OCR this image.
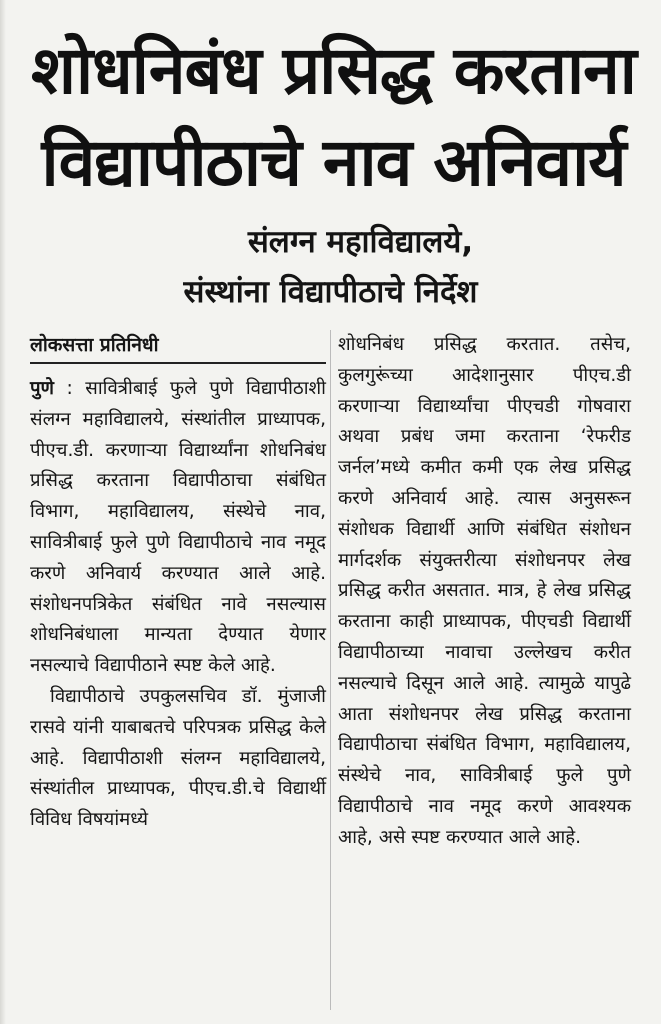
शोधनिबंध प्रसिद्ध करताना
विद्यापीठाचे नाव अनिवार्य
संलग्न महाविद्यालये,
संस्थांना विद्यापीठाचे निर्देश
लोकसत्ता प्रतिनिधी
पुणे : सावित्रीबाई फुले पुणे विद्यापीठाशी संलग्न महाविद्यालये, संस्थांतील प्राध्यापक, पीएच.डी. करणाऱ्या विद्यार्थ्यांना शोधनिबंध प्रसिद्ध करताना विद्यापीठाचा संबंधित विभाग, महाविद्यालय, संस्थेचे नाव, सावित्रीबाई फुले पुणे विद्यापीठाचे नाव नमूद करणे अनिवार्य करण्यात आले आहे. संशोधनपत्रिकेत संबंधित नावे नसल्यास शोधनिबंधाला मान्यता देण्यात येणार नसल्याचे विद्यापीठाने स्पष्ट केले आहे.
विद्यापीठाचे उपकुलसचिव डॉ. मुंजाजी रासवे यांनी याबाबतचे परिपत्रक प्रसिद्ध केले आहे. विद्यापीठाशी संलग्न महाविद्यालये, संस्थांतील प्राध्यापक, पीएच.डी.चे विद्यार्थी विविध विषयांमध्ये
शोधनिबंध प्रसिद्ध करतात. तसेच, कुलगुरूंच्या आदेशानुसार पीएच.डी करणाऱ्या विद्यार्थ्यांचा पीएचडी गोषवारा अथवा प्रबंध जमा करताना ‘रेफरीड जर्नल’मध्ये कमीत कमी एक लेख प्रसिद्ध करणे अनिवार्य आहे. त्यास अनुसरून संशोधक विद्यार्थी आणि संबंधित संशोधन मार्गदर्शक संयुक्तरीत्या संशोधनपर लेख प्रसिद्ध करीत असतात. मात्र, हे लेख प्रसिद्ध करताना काही प्राध्यापक, पीएचडी विद्यार्थी विद्यापीठाच्या नावाचा उल्लेखच करीत नसल्याचे दिसून आले आहे. त्यामुळे यापुढे आता संशोधनपर लेख प्रसिद्ध करताना विद्यापीठाचा संबंधित विभाग, महाविद्यालय, संस्थेचे नाव, सावित्रीबाई फुले पुणे विद्यापीठाचे नाव नमूद करणे आवश्यक आहे, असे स्पष्ट करण्यात आले आहे.
